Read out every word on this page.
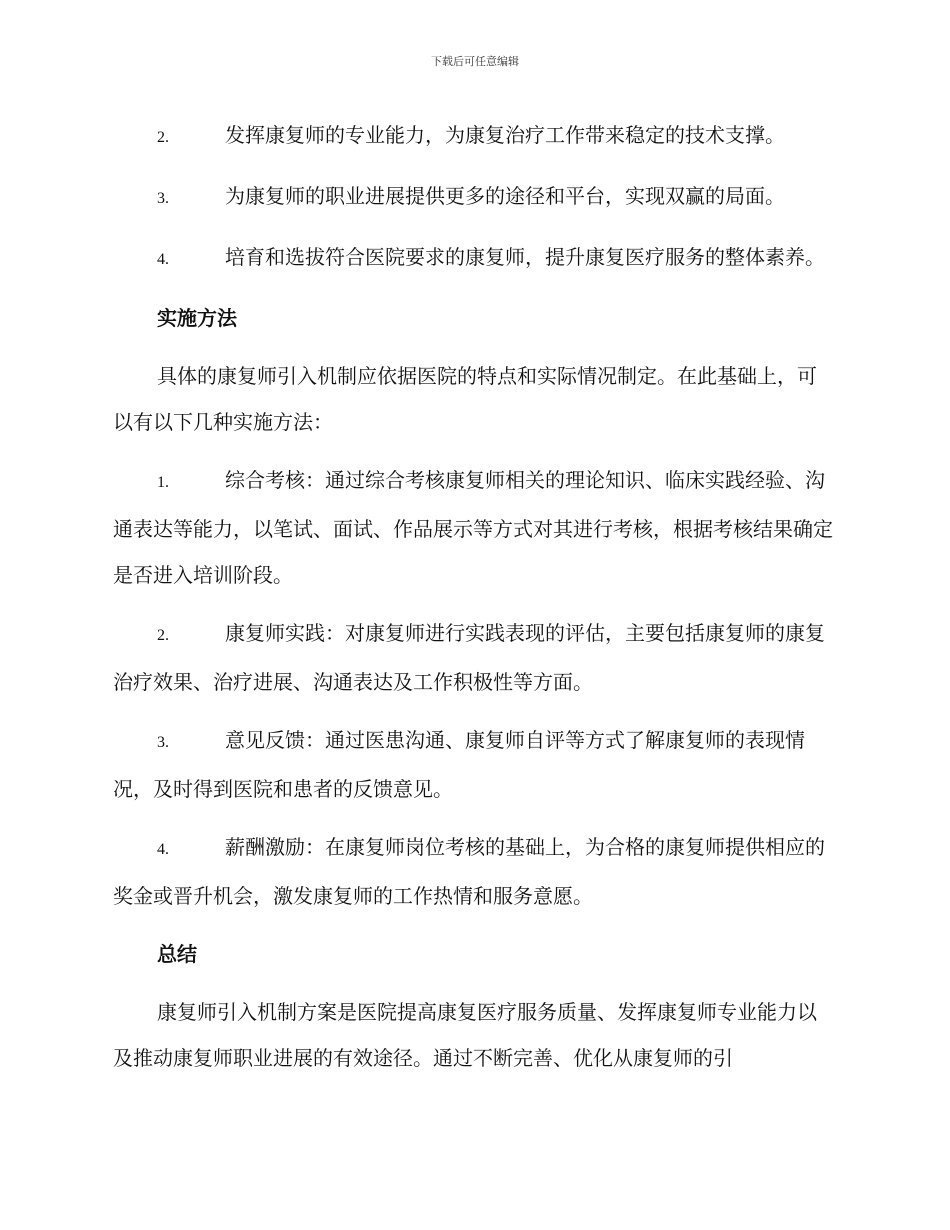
下载后可任意编辑
2.	发挥康复师的专业能力，为康复治疗工作带来稳定的技术支撑。
3.	为康复师的职业进展提供更多的途径和平台，实现双赢的局面。
4.	培育和选拔符合医院要求的康复师，提升康复医疗服务的整体素养。
实施方法
具体的康复师引入机制应依据医院的特点和实际情况制定。在此基础上，可以有以下几种实施方法：
1.	综合考核：通过综合考核康复师相关的理论知识、临床实践经验、沟通表达等能力，以笔试、面试、作品展示等方式对其进行考核，根据考核结果确定是否进入培训阶段。
2.	康复师实践：对康复师进行实践表现的评估，主要包括康复师的康复治疗效果、治疗进展、沟通表达及工作积极性等方面。
3.	意见反馈：通过医患沟通、康复师自评等方式了解康复师的表现情况，及时得到医院和患者的反馈意见。
4.	薪酬激励：在康复师岗位考核的基础上，为合格的康复师提供相应的奖金或晋升机会，激发康复师的工作热情和服务意愿。
总结
康复师引入机制方案是医院提高康复医疗服务质量、发挥康复师专业能力以及推动康复师职业进展的有效途径。通过不断完善、优化从康复师的引
